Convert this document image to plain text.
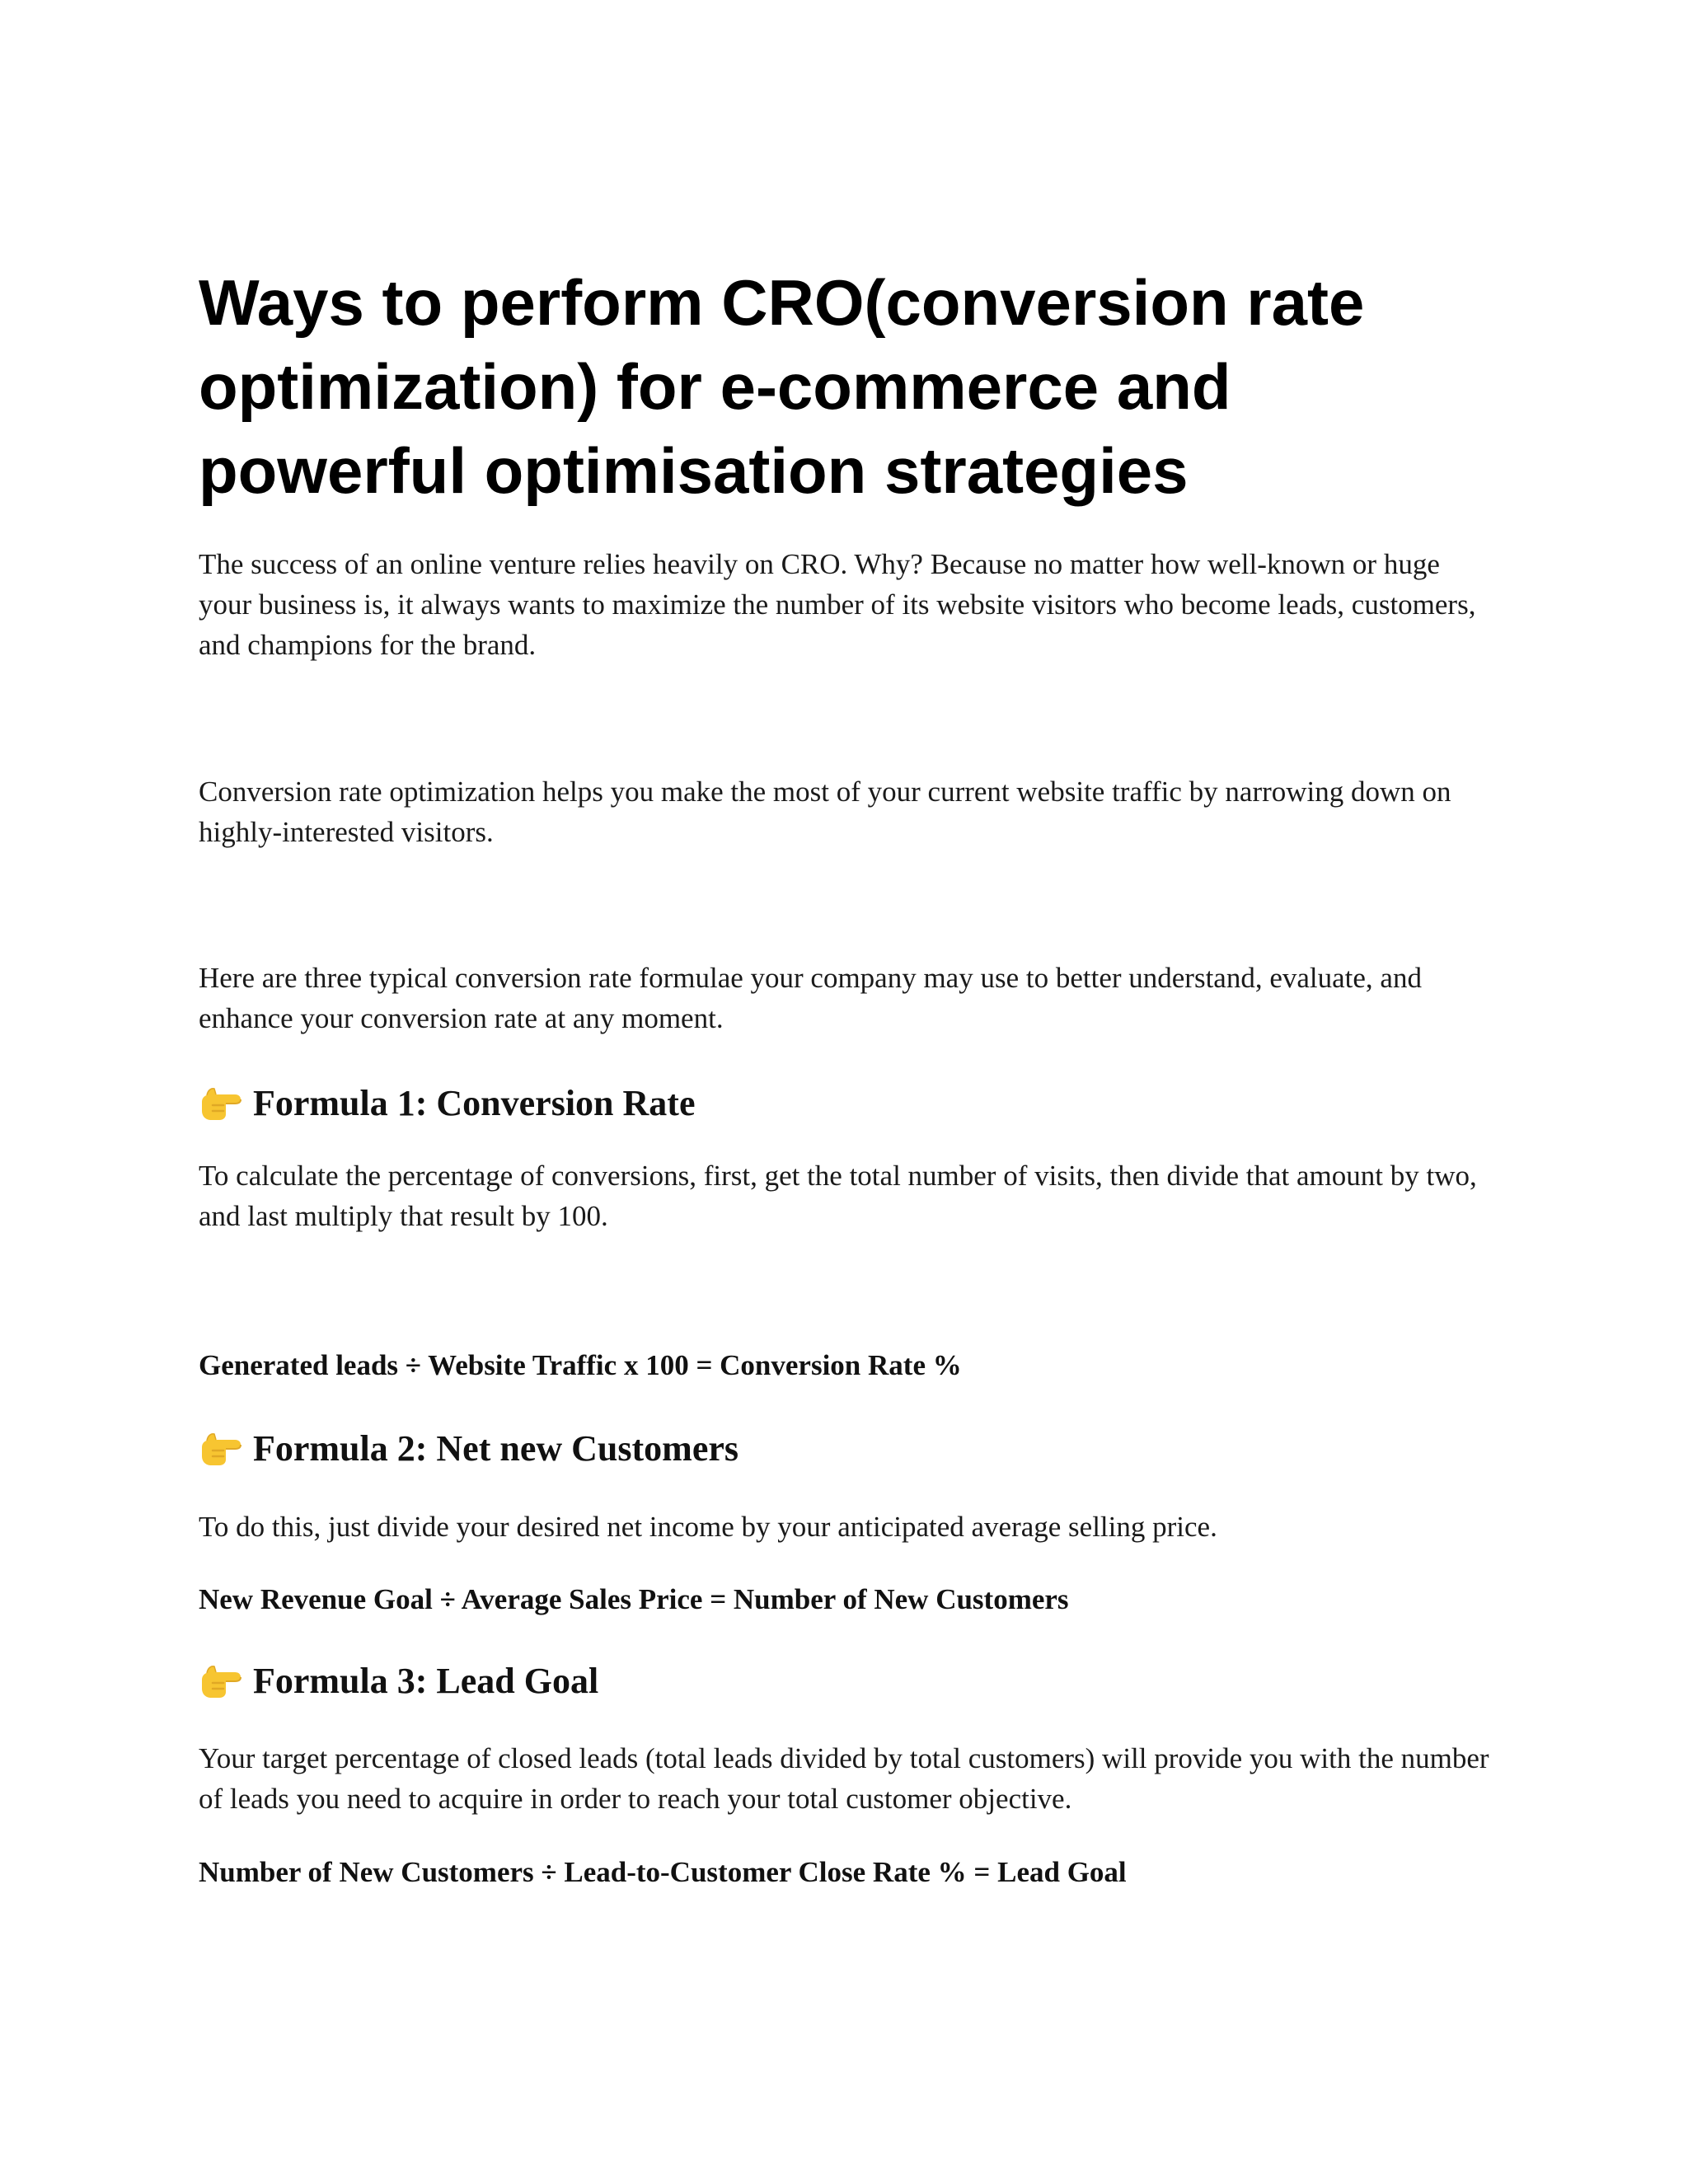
Ways to perform CRO(conversion rate optimization) for e-commerce and powerful optimisation strategies

The success of an online venture relies heavily on CRO. Why? Because no matter how well-known or huge your business is, it always wants to maximize the number of its website visitors who become leads, customers, and champions for the brand.

Conversion rate optimization helps you make the most of your current website traffic by narrowing down on highly-interested visitors.

Here are three typical conversion rate formulae your company may use to better understand, evaluate, and enhance your conversion rate at any moment.

Formula 1: Conversion Rate

To calculate the percentage of conversions, first, get the total number of visits, then divide that amount by two, and last multiply that result by 100.

Generated leads ÷ Website Traffic x 100 = Conversion Rate %

Formula 2: Net new Customers

To do this, just divide your desired net income by your anticipated average selling price.

New Revenue Goal ÷ Average Sales Price = Number of New Customers

Formula 3: Lead Goal

Your target percentage of closed leads (total leads divided by total customers) will provide you with the number of leads you need to acquire in order to reach your total customer objective.

Number of New Customers ÷ Lead-to-Customer Close Rate % = Lead Goal
